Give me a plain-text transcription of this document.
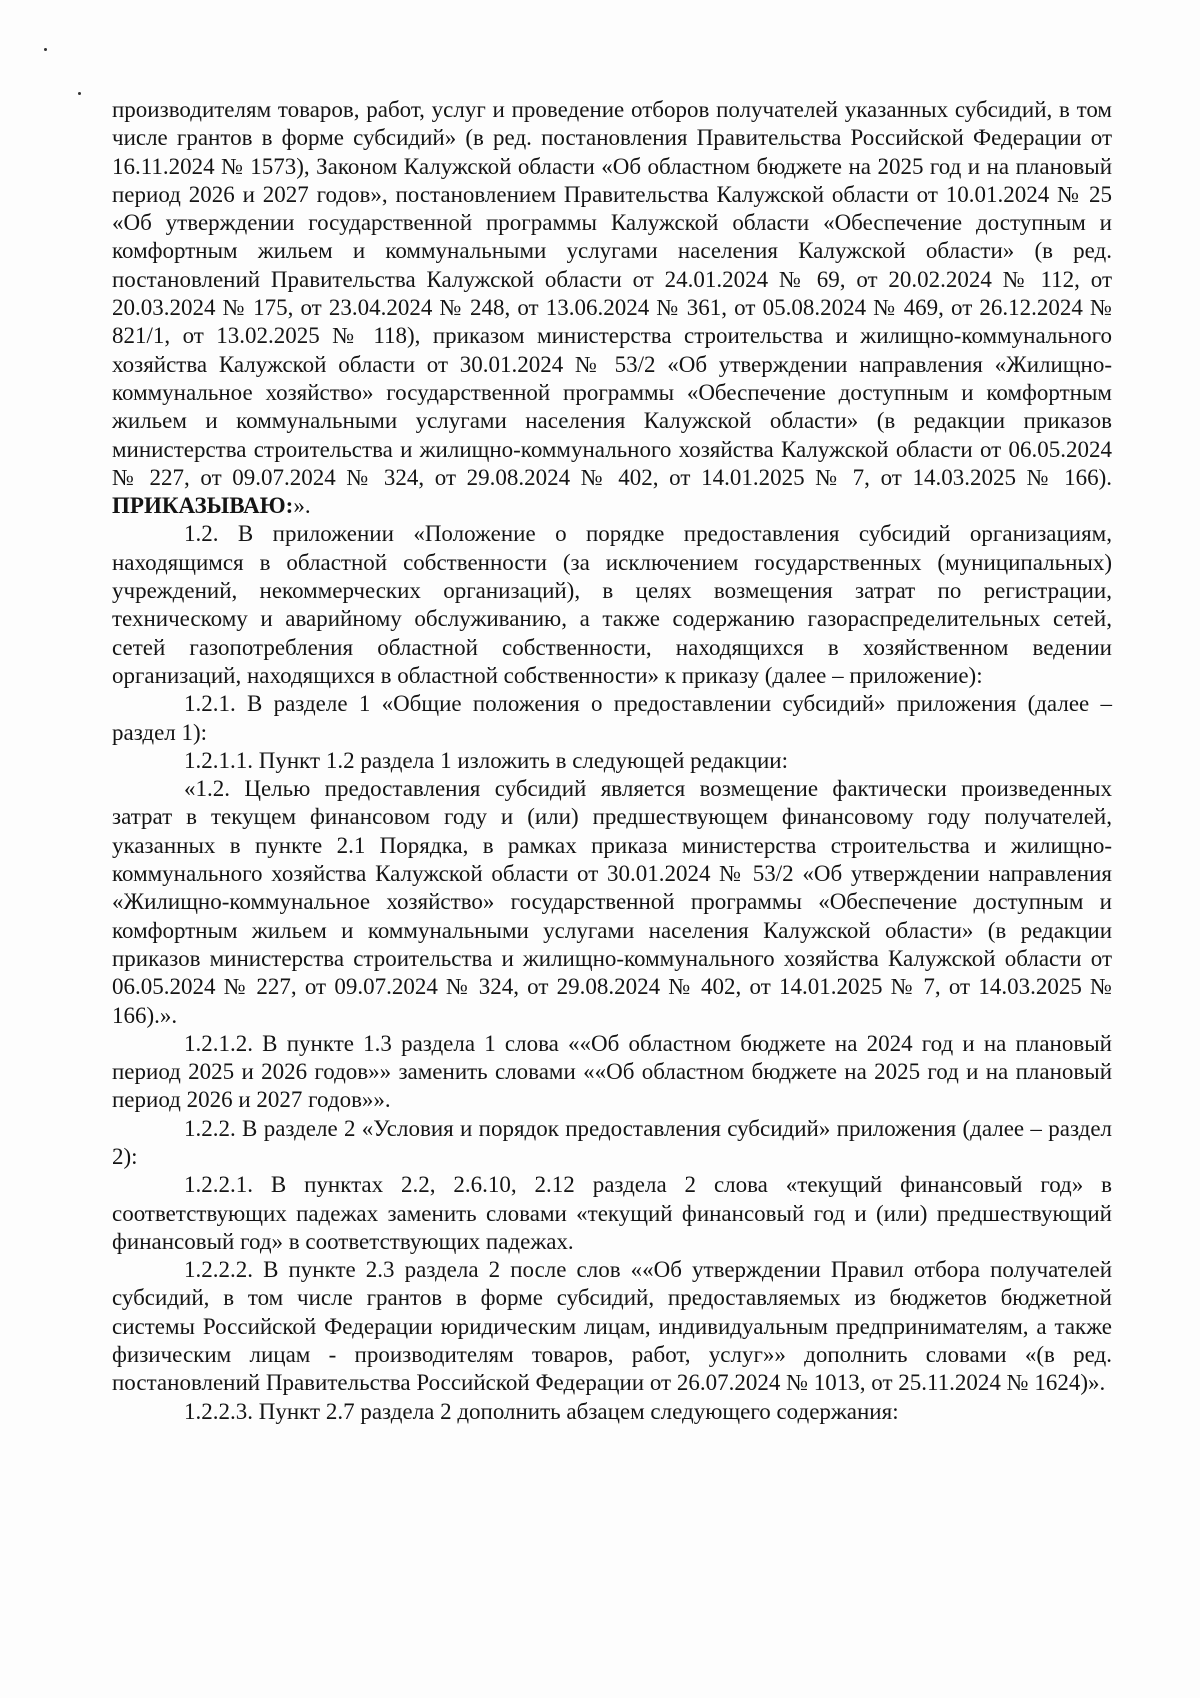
производителям товаров, работ, услуг и проведение отборов получателей указанных субсидий, в том числе грантов в форме субсидий» (в ред. постановления Правительства Российской Федерации от 16.11.2024 № 1573), Законом Калужской области «Об областном бюджете на 2025 год и на плановый период 2026 и 2027 годов», постановлением Правительства Калужской области от 10.01.2024 № 25 «Об утверждении государственной программы Калужской области «Обеспечение доступным и комфортным жильем и коммунальными услугами населения Калужской области» (в ред. постановлений Правительства Калужской области от 24.01.2024 № 69, от 20.02.2024 № 112, от 20.03.2024 № 175, от 23.04.2024 № 248, от 13.06.2024 № 361, от 05.08.2024 № 469, от 26.12.2024 № 821/1, от 13.02.2025 № 118), приказом министерства строительства и жилищно-коммунального хозяйства Калужской области от 30.01.2024 № 53/2 «Об утверждении направления «Жилищно-коммунальное хозяйство» государственной программы «Обеспечение доступным и комфортным жильем и коммунальными услугами населения Калужской области» (в редакции приказов министерства строительства и жилищно-коммунального хозяйства Калужской области от 06.05.2024 № 227, от 09.07.2024 № 324, от 29.08.2024 № 402, от 14.01.2025 № 7, от 14.03.2025 № 166). ПРИКАЗЫВАЮ:».

1.2. В приложении «Положение о порядке предоставления субсидий организациям, находящимся в областной собственности (за исключением государственных (муниципальных) учреждений, некоммерческих организаций), в целях возмещения затрат по регистрации, техническому и аварийному обслуживанию, а также содержанию газораспределительных сетей, сетей газопотребления областной собственности, находящихся в хозяйственном ведении организаций, находящихся в областной собственности» к приказу (далее – приложение):

1.2.1. В разделе 1 «Общие положения о предоставлении субсидий» приложения (далее – раздел 1):

1.2.1.1. Пункт 1.2 раздела 1 изложить в следующей редакции:

«1.2. Целью предоставления субсидий является возмещение фактически произведенных затрат в текущем финансовом году и (или) предшествующем финансовому году получателей, указанных в пункте 2.1 Порядка, в рамках приказа министерства строительства и жилищно-коммунального хозяйства Калужской области от 30.01.2024 № 53/2 «Об утверждении направления «Жилищно-коммунальное хозяйство» государственной программы «Обеспечение доступным и комфортным жильем и коммунальными услугами населения Калужской области» (в редакции приказов министерства строительства и жилищно-коммунального хозяйства Калужской области от 06.05.2024 № 227, от 09.07.2024 № 324, от 29.08.2024 № 402, от 14.01.2025 № 7, от 14.03.2025 № 166).».

1.2.1.2. В пункте 1.3 раздела 1 слова ««Об областном бюджете на 2024 год и на плановый период 2025 и 2026 годов»» заменить словами ««Об областном бюджете на 2025 год и на плановый период 2026 и 2027 годов»».

1.2.2. В разделе 2 «Условия и порядок предоставления субсидий» приложения (далее – раздел 2):

1.2.2.1. В пунктах 2.2, 2.6.10, 2.12 раздела 2 слова «текущий финансовый год» в соответствующих падежах заменить словами «текущий финансовый год и (или) предшествующий финансовый год» в соответствующих падежах.

1.2.2.2. В пункте 2.3 раздела 2 после слов ««Об утверждении Правил отбора получателей субсидий, в том числе грантов в форме субсидий, предоставляемых из бюджетов бюджетной системы Российской Федерации юридическим лицам, индивидуальным предпринимателям, а также физическим лицам - производителям товаров, работ, услуг»» дополнить словами «(в ред. постановлений Правительства Российской Федерации от 26.07.2024 № 1013, от 25.11.2024 № 1624)».

1.2.2.3. Пункт 2.7 раздела 2 дополнить абзацем следующего содержания:
